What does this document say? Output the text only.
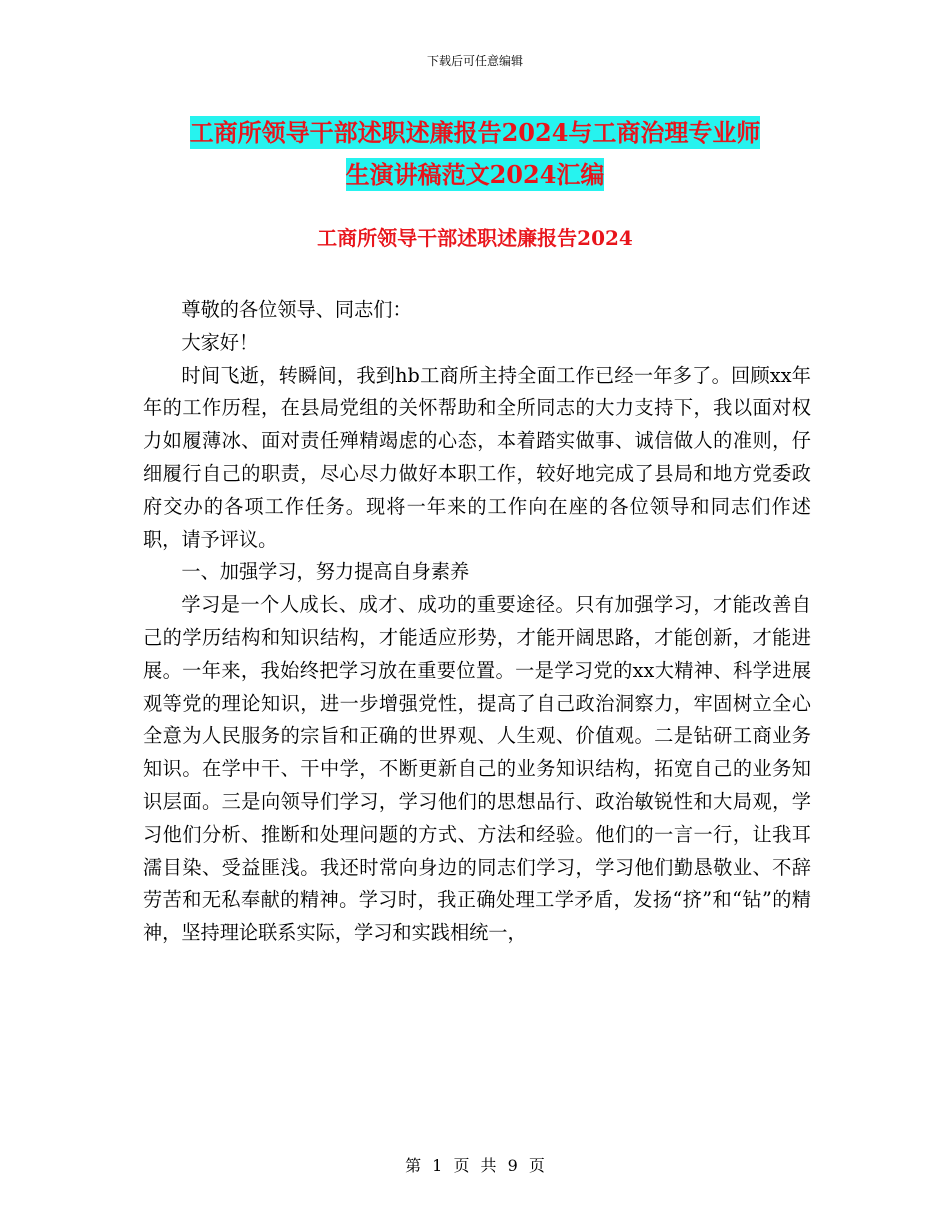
下载后可任意编辑
工商所领导干部述职述廉报告2024与工商治理专业师
生演讲稿范文2024汇编
工商所领导干部述职述廉报告2024

尊敬的各位领导、同志们：

大家好！

时间飞逝，转瞬间，我到hb工商所主持全面工作已经一年多了。回顾xx年年的工作历程，在县局党组的关怀帮助和全所同志的大力支持下，我以面对权力如履薄冰、面对责任殚精竭虑的心态，本着踏实做事、诚信做人的准则，仔细履行自己的职责，尽心尽力做好本职工作，较好地完成了县局和地方党委政府交办的各项工作任务。现将一年来的工作向在座的各位领导和同志们作述职，请予评议。

一、加强学习，努力提高自身素养

学习是一个人成长、成才、成功的重要途径。只有加强学习，才能改善自己的学历结构和知识结构，才能适应形势，才能开阔思路，才能创新，才能进展。一年来，我始终把学习放在重要位置。一是学习党的xx大精神、科学进展观等党的理论知识，进一步增强党性，提高了自己政治洞察力，牢固树立全心全意为人民服务的宗旨和正确的世界观、人生观、价值观。二是钻研工商业务知识。在学中干、干中学，不断更新自己的业务知识结构，拓宽自己的业务知识层面。三是向领导们学习，学习他们的思想品行、政治敏锐性和大局观，学习他们分析、推断和处理问题的方式、方法和经验。他们的一言一行，让我耳濡目染、受益匪浅。我还时常向身边的同志们学习，学习他们勤恳敬业、不辞劳苦和无私奉献的精神。学习时，我正确处理工学矛盾，发扬“挤”和“钻”的精神，坚持理论联系实际，学习和实践相统一，

第 1 页 共 9 页
